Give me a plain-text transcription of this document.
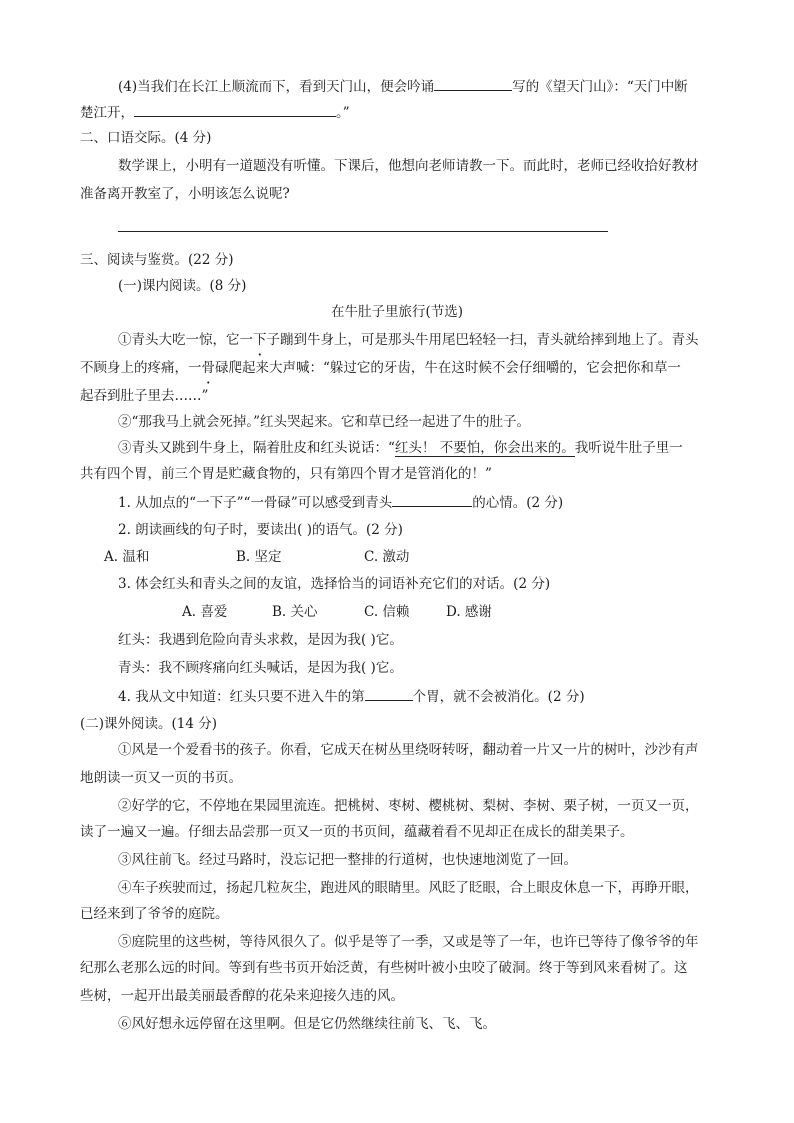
(4)当我们在长江上顺流而下，看到天门山，便会吟诵	写的《望天门山》：“天门中断
楚江开，	。”
二、口语交际。(4 分)
数学课上，小明有一道题没有听懂。下课后，他想向老师请教一下。而此时，老师已经收拾好教材
准备离开教室了，小明该怎么说呢?
三、阅读与鉴赏。(22 分)
(一)课内阅读。(8 分)
在牛肚子里旅行(节选)
①青头大吃一惊，它一下子蹦到牛身上，可是那头牛用尾巴轻轻一扫，青头就给摔到地上了。青头
不顾身上的疼痛，一骨碌爬起来大声喊：“躲过它的牙齿，牛在这时候不会仔细嚼的，它会把你和草一
起吞到肚子里去……”
②“那我马上就会死掉。”红头哭起来。它和草已经一起进了牛的肚子。
③青头又跳到牛身上，隔着肚皮和红头说话：“红头！ 不要怕，你会出来的。我听说牛肚子里一
共有四个胃，前三个胃是贮藏食物的，只有第四个胃才是管消化的！”
1. 从加点的“一下子”“一骨碌”可以感受到青头	的心情。(2 分)
2. 朗读画线的句子时，要读出( )的语气。(2 分)
A. 温和	B. 坚定	C. 激动
3. 体会红头和青头之间的友谊，选择恰当的词语补充它们的对话。(2 分)
A. 喜爱	B. 关心	C. 信赖	D. 感谢
红头：我遇到危险向青头求救，是因为我( )它。
青头：我不顾疼痛向红头喊话，是因为我( )它。
4. 我从文中知道：红头只要不进入牛的第	个胃，就不会被消化。(2 分)
(二)课外阅读。(14 分)
①风是一个爱看书的孩子。你看，它成天在树丛里绕呀转呀，翻动着一片又一片的树叶，沙沙有声
地朗读一页又一页的书页。
②好学的它，不停地在果园里流连。把桃树、枣树、樱桃树、梨树、李树、栗子树，一页又一页，
读了一遍又一遍。仔细去品尝那一页又一页的书页间，蕴藏着看不见却正在成长的甜美果子。
③风往前飞。经过马路时，没忘记把一整排的行道树，也快速地浏览了一回。
④车子疾驶而过，扬起几粒灰尘，跑进风的眼睛里。风眨了眨眼，合上眼皮休息一下，再睁开眼，
已经来到了爷爷的庭院。
⑤庭院里的这些树，等待风很久了。似乎是等了一季，又或是等了一年，也许已等待了像爷爷的年
纪那么老那么远的时间。等到有些书页开始泛黄，有些树叶被小虫咬了破洞。终于等到风来看树了。这
些树，一起开出最美丽最香醇的花朵来迎接久违的风。
⑥风好想永远停留在这里啊。但是它仍然继续往前飞、飞、飞。
